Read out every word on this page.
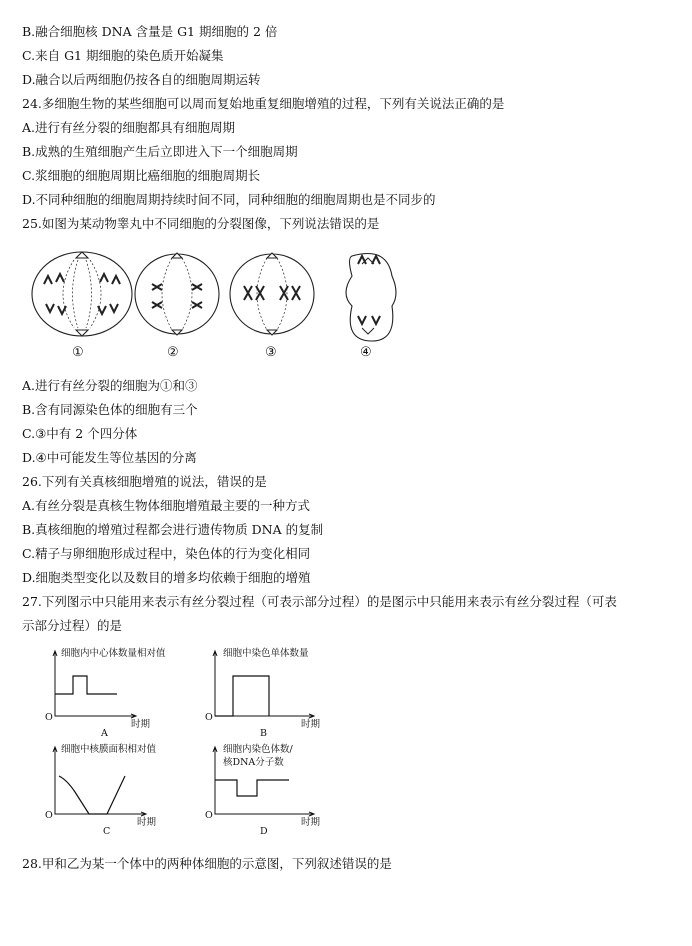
B.融合细胞核 DNA 含量是 G1 期细胞的 2 倍
C.来自 G1 期细胞的染色质开始凝集
D.融合以后两细胞仍按各自的细胞周期运转
24.多细胞生物的某些细胞可以周而复始地重复细胞增殖的过程，下列有关说法正确的是
A.进行有丝分裂的细胞都具有细胞周期
B.成熟的生殖细胞产生后立即进入下一个细胞周期
C.浆细胞的细胞周期比癌细胞的细胞周期长
D.不同种细胞的细胞周期持续时间不同，同种细胞的细胞周期也是不同步的
25.如图为某动物睾丸中不同细胞的分裂图像，下列说法错误的是
①	②	③	④
A.进行有丝分裂的细胞为①和③
B.含有同源染色体的细胞有三个
C.③中有 2 个四分体
D.④中可能发生等位基因的分离
26.下列有关真核细胞增殖的说法，错误的是
A.有丝分裂是真核生物体细胞增殖最主要的一种方式
B.真核细胞的增殖过程都会进行遗传物质 DNA 的复制
C.精子与卵细胞形成过程中，染色体的行为变化相同
D.细胞类型变化以及数目的增多均依赖于细胞的增殖
27.下列图示中只能用来表示有丝分裂过程（可表示部分过程）的是图示中只能用来表示有丝分裂过程（可表
示部分过程）的是
细胞内中心体数量相对值
O
时期
A
细胞中染色单体数量
O
时期
B
细胞中核膜面积相对值
O
时期
C
细胞内染色体数/
核DNA分子数
O
时期
D
28.甲和乙为某一个体中的两种体细胞的示意图，下列叙述错误的是
